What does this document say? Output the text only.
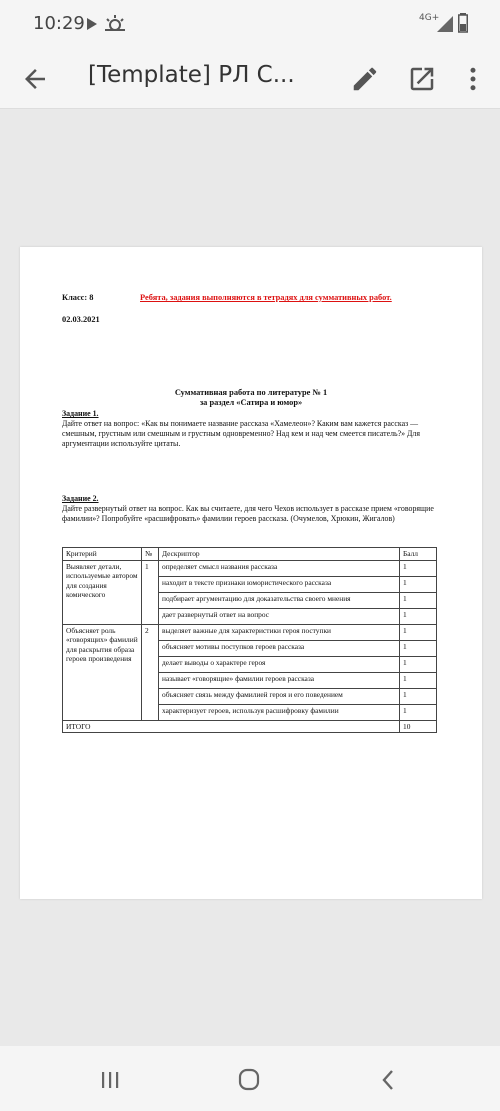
10:29	4G+
[Template] РЛ С...
Класс: 8	Ребята, задания выполняются в тетрадях для суммативных работ.
02.03.2021
Суммативная работа по литературе № 1
за раздел «Сатира и юмор»
Задание 1.
Дайте ответ на вопрос: «Как вы понимаете название рассказа «Хамелеон»? Каким вам кажется рассказ — смешным, грустным или смешным и грустным одновременно? Над кем и над чем смеется писатель?» Для аргументации используйте цитаты.
Задание 2.
Дайте развернутый ответ на вопрос. Как вы считаете, для чего Чехов использует в рассказе прием «говорящие фамилии»? Попробуйте «расшифровать» фамилии героев рассказа. (Очумелов, Хрюкин, Жигалов)
Критерий	№	Дескриптор	Балл
Выявляет детали, используемые автором для создания комического	1	определяет смысл названия рассказа	1
		находит в тексте признаки юмористического рассказа	1
		подбирает аргументацию для доказательства своего мнения	1
		дает развернутый ответ на вопрос	1
Объясняет роль «говорящих» фамилий для раскрытия образа героев произведения	2	выделяет важные для характеристики героя поступки	1
		объясняет мотивы поступков героев рассказа	1
		делает выводы о характере героя	1
		называет «говорящие» фамилии героев рассказа	1
		объясняет связь между фамилией героя и его поведением	1
		характеризует героев, используя расшифровку фамилии	1
ИТОГО			10
